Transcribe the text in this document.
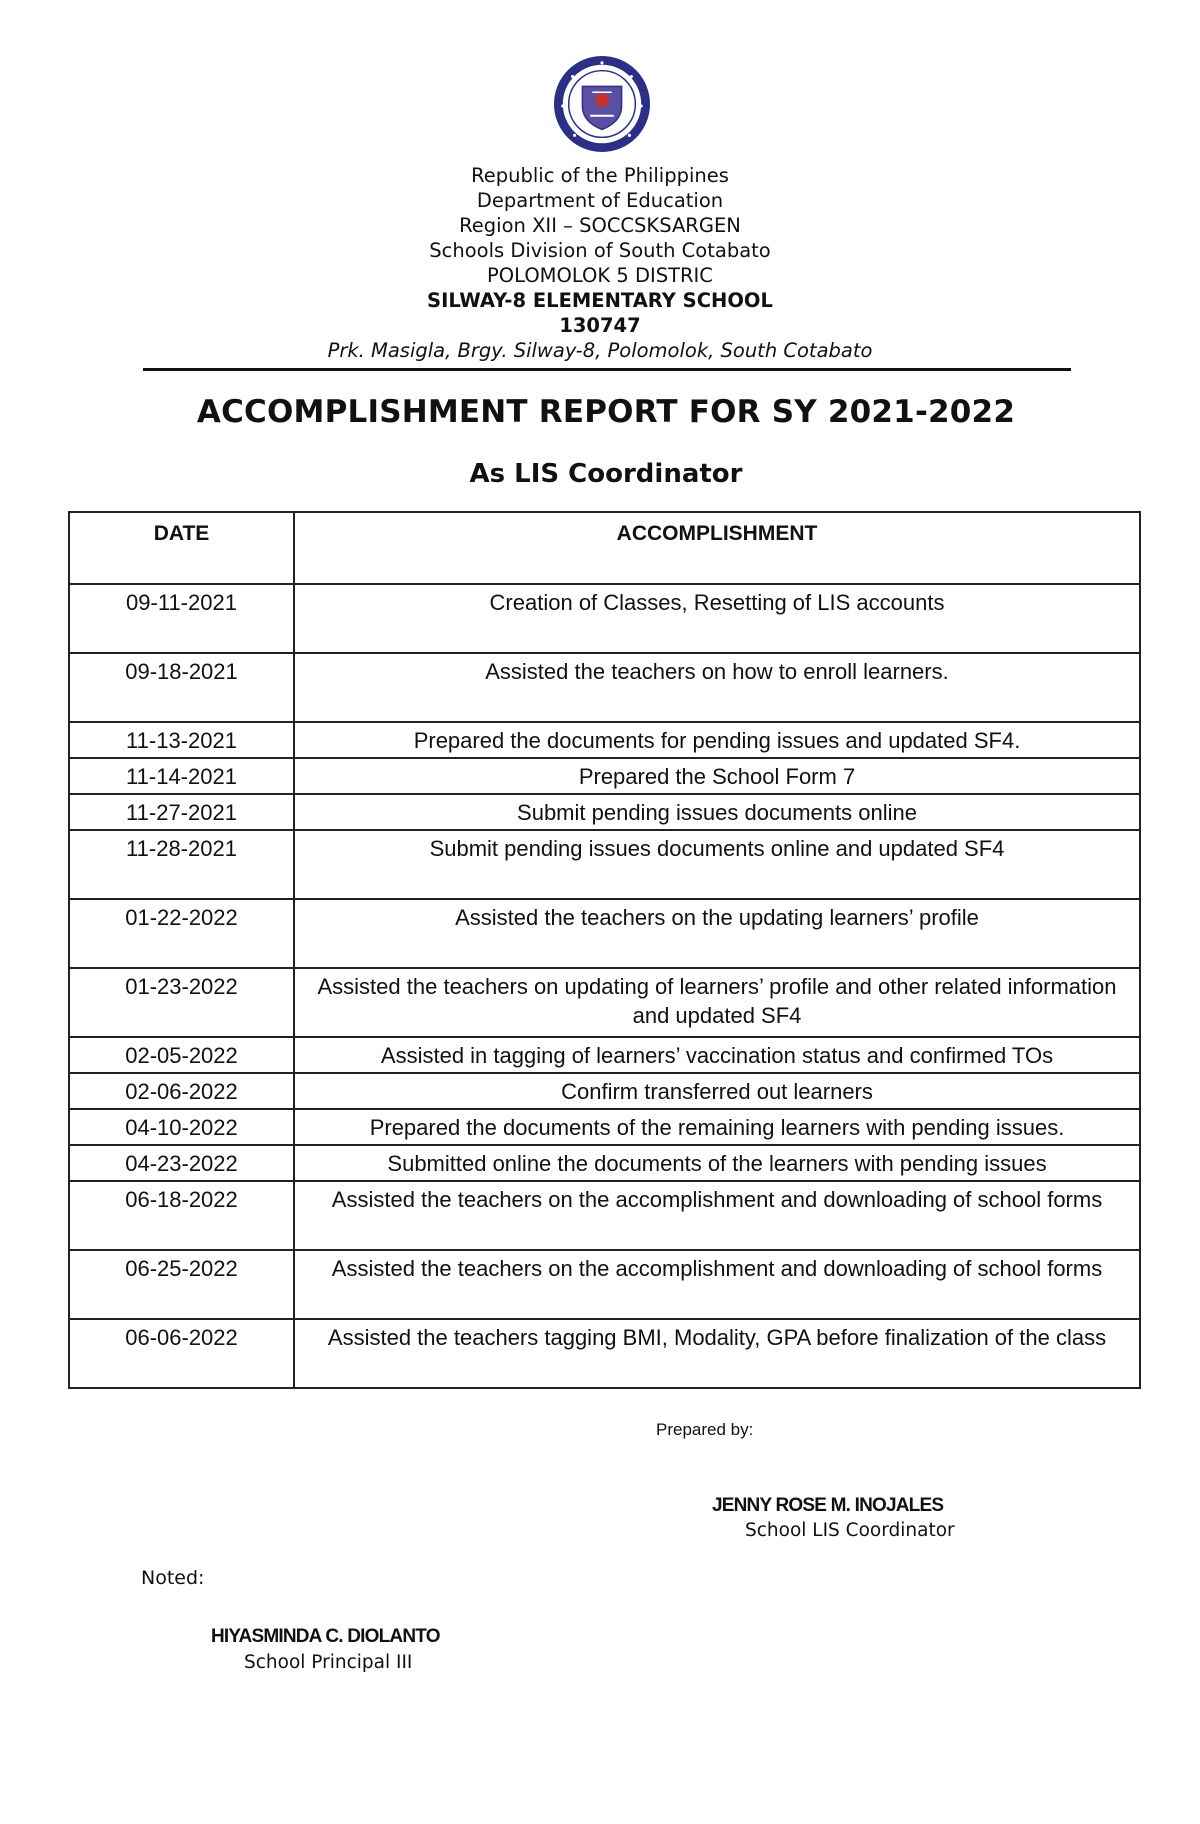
Republic of the Philippines
Department of Education
Region XII – SOCCSKSARGEN
Schools Division of South Cotabato
POLOMOLOK 5 DISTRIC
SILWAY-8 ELEMENTARY SCHOOL
130747
Prk. Masigla, Brgy. Silway-8, Polomolok, South Cotabato
ACCOMPLISHMENT REPORT FOR SY 2021-2022
As LIS Coordinator
DATE	ACCOMPLISHMENT
09-11-2021	Creation of Classes, Resetting of LIS accounts
09-18-2021	Assisted the teachers on how to enroll learners.
11-13-2021	Prepared the documents for pending issues and updated SF4.
11-14-2021	Prepared the School Form 7
11-27-2021	Submit pending issues documents online
11-28-2021	Submit pending issues documents online and updated SF4
01-22-2022	Assisted the teachers on the updating learners’ profile
01-23-2022	Assisted the teachers on updating of learners’ profile and other related information and updated SF4
02-05-2022	Assisted in tagging of learners’ vaccination status and confirmed TOs
02-06-2022	Confirm transferred out learners
04-10-2022	Prepared the documents of the remaining learners with pending issues.
04-23-2022	Submitted online the documents of the learners with pending issues
06-18-2022	Assisted the teachers on the accomplishment and downloading of school forms
06-25-2022	Assisted the teachers on the accomplishment and downloading of school forms
06-06-2022	Assisted the teachers tagging BMI, Modality, GPA before finalization of the class
Prepared by:
JENNY ROSE M. INOJALES
School LIS Coordinator
Noted:
HIYASMINDA C. DIOLANTO
School Principal III
